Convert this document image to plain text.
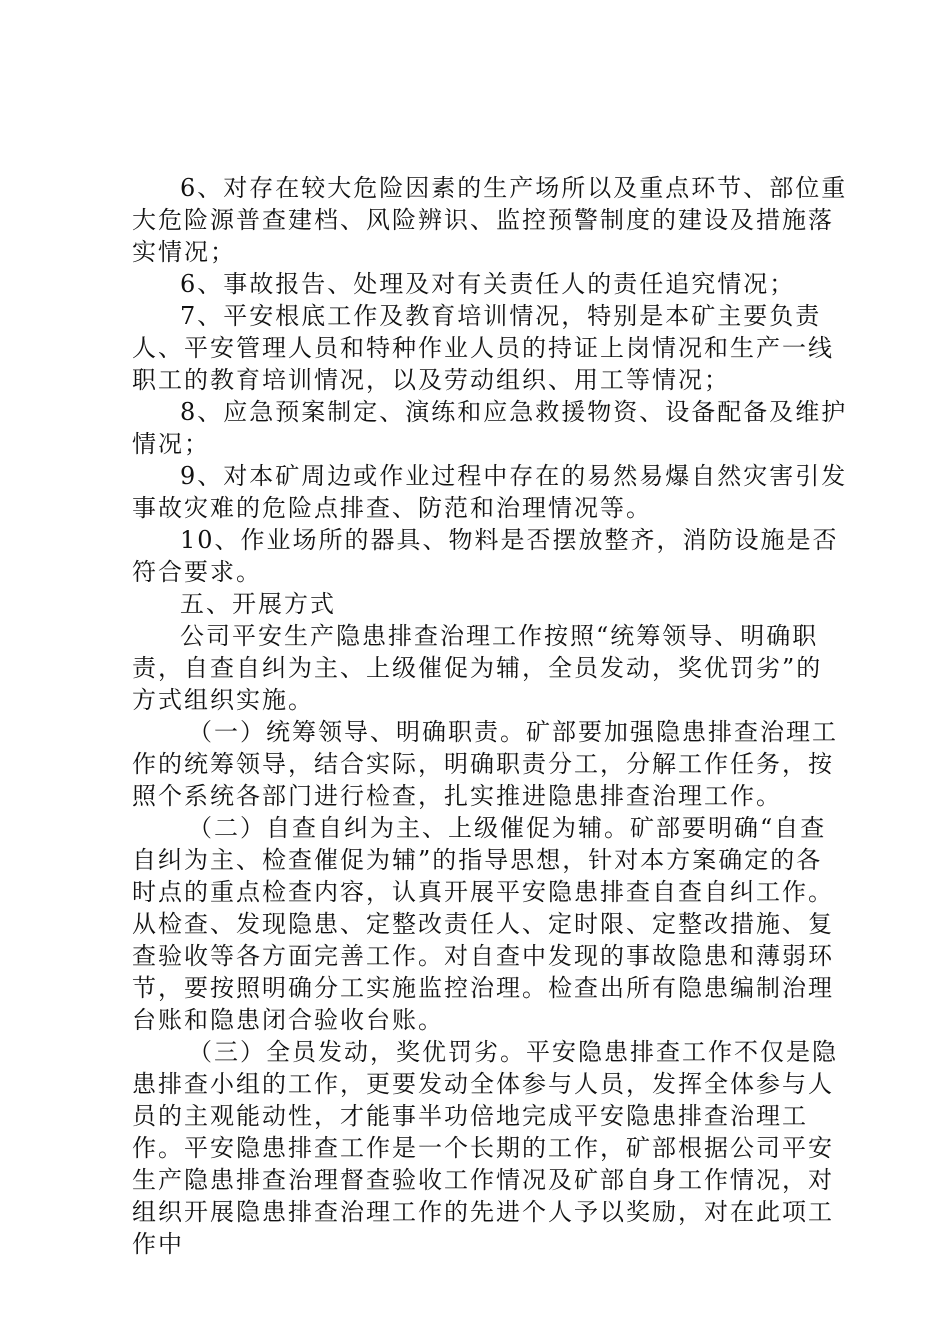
6、对存在较大危险因素的生产场所以及重点环节、部位重大危险源普查建档、风险辨识、监控预警制度的建设及措施落实情况；

6、事故报告、处理及对有关责任人的责任追究情况；

7、平安根底工作及教育培训情况，特别是本矿主要负责人、平安管理人员和特种作业人员的持证上岗情况和生产一线职工的教育培训情况，以及劳动组织、用工等情况；

8、应急预案制定、演练和应急救援物资、设备配备及维护情况；

9、对本矿周边或作业过程中存在的易然易爆自然灾害引发事故灾难的危险点排查、防范和治理情况等。

10、作业场所的器具、物料是否摆放整齐，消防设施是否符合要求。

五、开展方式

公司平安生产隐患排查治理工作按照“统筹领导、明确职责，自查自纠为主、上级催促为辅，全员发动，奖优罚劣”的方式组织实施。

（一）统筹领导、明确职责。矿部要加强隐患排查治理工作的统筹领导，结合实际，明确职责分工，分解工作任务，按照个系统各部门进行检查，扎实推进隐患排查治理工作。

（二）自查自纠为主、上级催促为辅。矿部要明确“自查自纠为主、检查催促为辅”的指导思想，针对本方案确定的各时点的重点检查内容，认真开展平安隐患排查自查自纠工作。从检查、发现隐患、定整改责任人、定时限、定整改措施、复查验收等各方面完善工作。对自查中发现的事故隐患和薄弱环节，要按照明确分工实施监控治理。检查出所有隐患编制治理台账和隐患闭合验收台账。

（三）全员发动，奖优罚劣。平安隐患排查工作不仅是隐患排查小组的工作，更要发动全体参与人员，发挥全体参与人员的主观能动性，才能事半功倍地完成平安隐患排查治理工作。平安隐患排查工作是一个长期的工作，矿部根据公司平安生产隐患排查治理督查验收工作情况及矿部自身工作情况，对组织开展隐患排查治理工作的先进个人予以奖励，对在此项工作中
